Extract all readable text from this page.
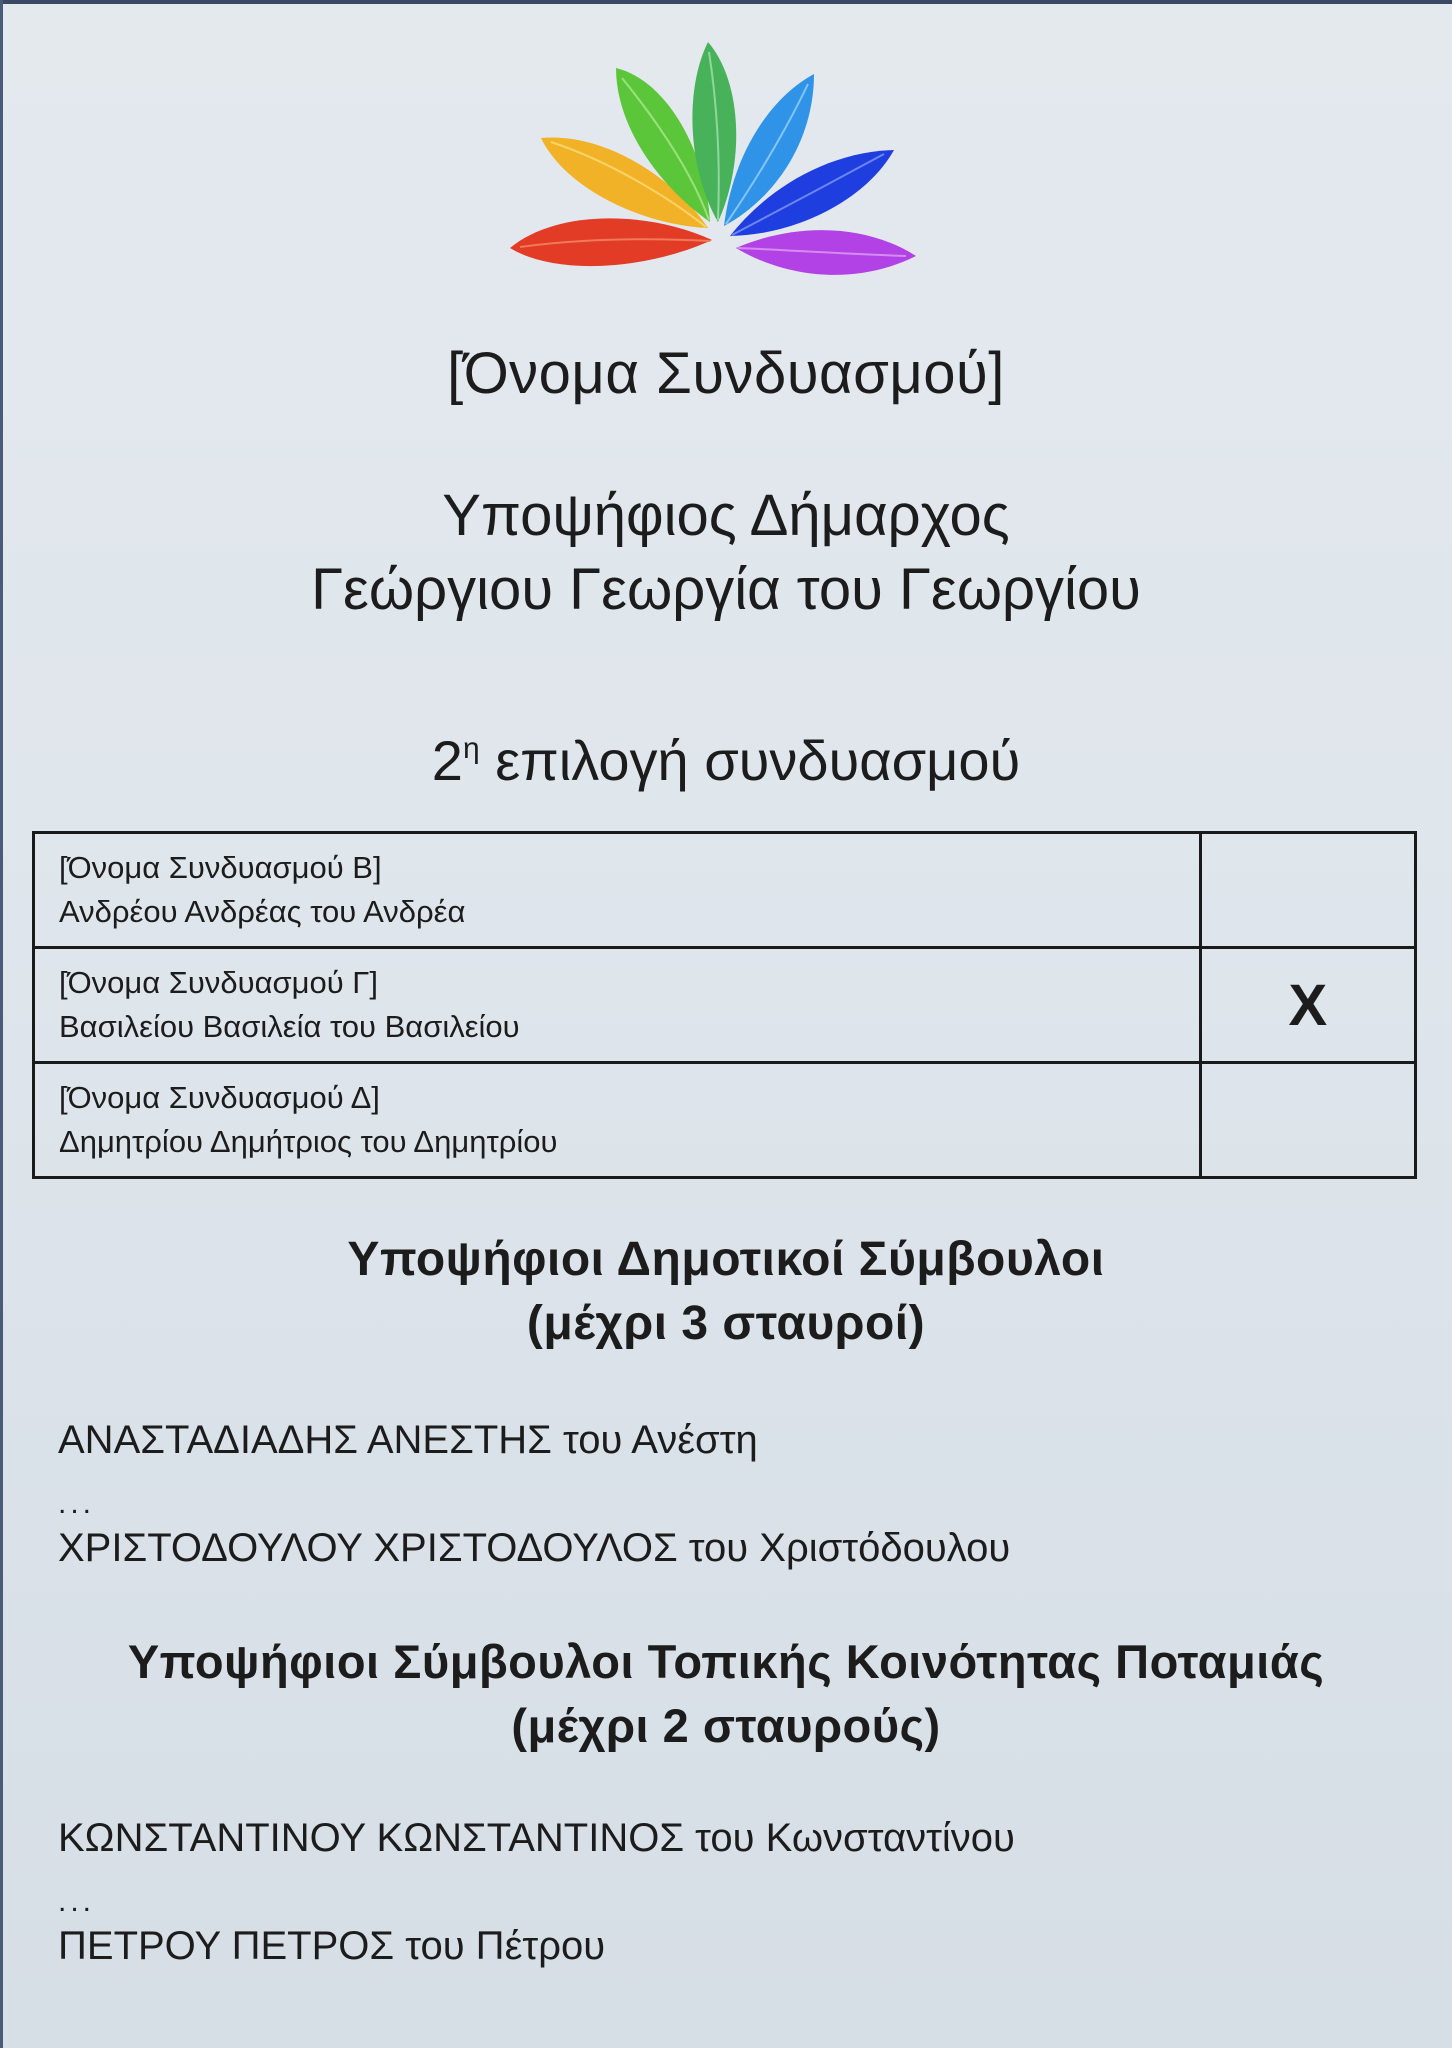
[Όνομα Συνδυασμού]
Υποψήφιος Δήμαρχος
Γεώργιου Γεωργία του Γεωργίου
$2^\eta$ επιλογή συνδυασμού
[Όνομα Συνδυασμού Β]
Ανδρέου Ανδρέας του Ανδρέα	

[Όνομα Συνδυασμού Γ]
Βασιλείου Βασιλεία του Βασιλείου	X

[Όνομα Συνδυασμού Δ]
Δημητρίου Δημήτριος του Δημητρίου	

Υποψήφιοι Δημοτικοί Σύμβουλοι
(μέχρι 3 σταυροί)
ΑΝΑΣΤΑΔΙΑΔΗΣ ΑΝΕΣΤΗΣ του Ανέστη
...
ΧΡΙΣΤΟΔΟΥΛΟΥ ΧΡΙΣΤΟΔΟΥΛΟΣ του Χριστόδουλου
Υποψήφιοι Σύμβουλοι Τοπικής Κοινότητας Ποταμιάς
(μέχρι 2 σταυρούς)
ΚΩΝΣΤΑΝΤΙΝΟΥ ΚΩΝΣΤΑΝΤΙΝΟΣ του Κωνσταντίνου
...
ΠΕΤΡΟΥ ΠΕΤΡΟΣ του Πέτρου
